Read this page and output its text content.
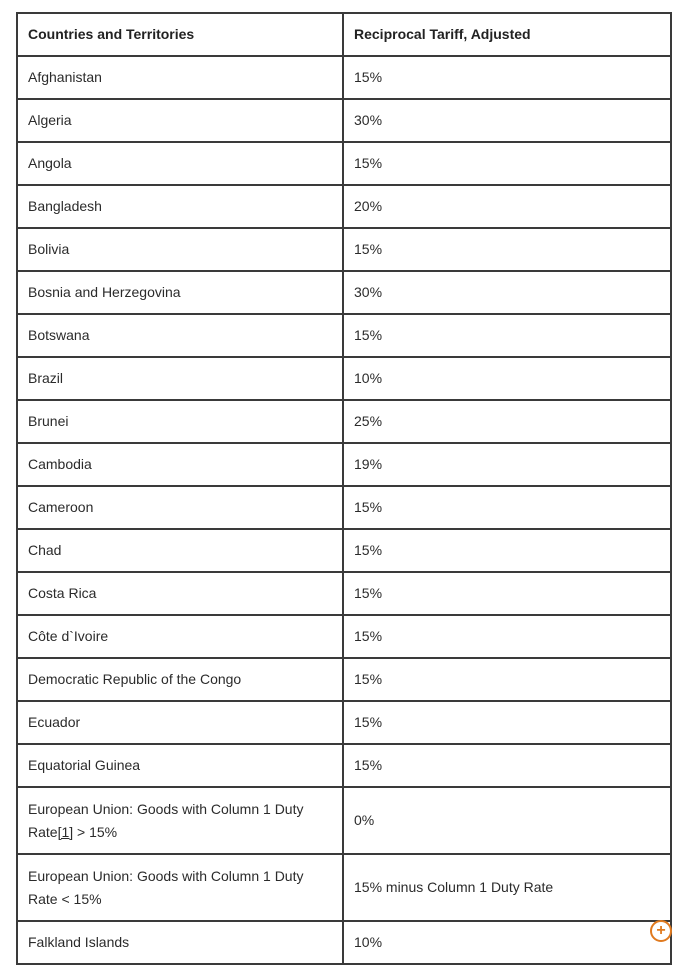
Countries and Territories	Reciprocal Tariff, Adjusted
Afghanistan	15%
Algeria	30%
Angola	15%
Bangladesh	20%
Bolivia	15%
Bosnia and Herzegovina	30%
Botswana	15%
Brazil	10%
Brunei	25%
Cambodia	19%
Cameroon	15%
Chad	15%
Costa Rica	15%
Côte d`Ivoire	15%
Democratic Republic of the Congo	15%
Ecuador	15%
Equatorial Guinea	15%
European Union: Goods with Column 1 Duty Rate[1] > 15%	0%
European Union: Goods with Column 1 Duty Rate < 15%	15% minus Column 1 Duty Rate
Falkland Islands	10%
+
